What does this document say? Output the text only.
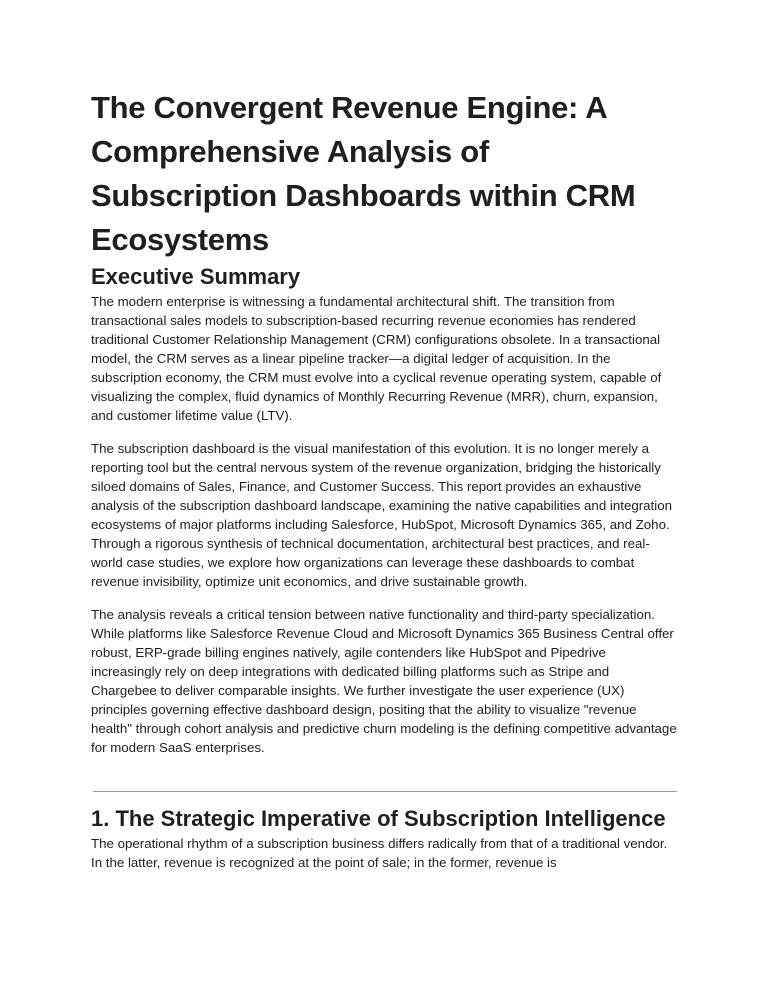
The Convergent Revenue Engine: A Comprehensive Analysis of Subscription Dashboards within CRM Ecosystems
Executive Summary

The modern enterprise is witnessing a fundamental architectural shift. The transition from transactional sales models to subscription-based recurring revenue economies has rendered traditional Customer Relationship Management (CRM) configurations obsolete. In a transactional model, the CRM serves as a linear pipeline tracker—a digital ledger of acquisition. In the subscription economy, the CRM must evolve into a cyclical revenue operating system, capable of visualizing the complex, fluid dynamics of Monthly Recurring Revenue (MRR), churn, expansion, and customer lifetime value (LTV).

The subscription dashboard is the visual manifestation of this evolution. It is no longer merely a reporting tool but the central nervous system of the revenue organization, bridging the historically siloed domains of Sales, Finance, and Customer Success. This report provides an exhaustive analysis of the subscription dashboard landscape, examining the native capabilities and integration ecosystems of major platforms including Salesforce, HubSpot, Microsoft Dynamics 365, and Zoho. Through a rigorous synthesis of technical documentation, architectural best practices, and real-world case studies, we explore how organizations can leverage these dashboards to combat revenue invisibility, optimize unit economics, and drive sustainable growth.

The analysis reveals a critical tension between native functionality and third-party specialization. While platforms like Salesforce Revenue Cloud and Microsoft Dynamics 365 Business Central offer robust, ERP-grade billing engines natively, agile contenders like HubSpot and Pipedrive increasingly rely on deep integrations with dedicated billing platforms such as Stripe and Chargebee to deliver comparable insights. We further investigate the user experience (UX) principles governing effective dashboard design, positing that the ability to visualize "revenue health" through cohort analysis and predictive churn modeling is the defining competitive advantage for modern SaaS enterprises.

1. The Strategic Imperative of Subscription Intelligence

The operational rhythm of a subscription business differs radically from that of a traditional vendor. In the latter, revenue is recognized at the point of sale; in the former, revenue is
